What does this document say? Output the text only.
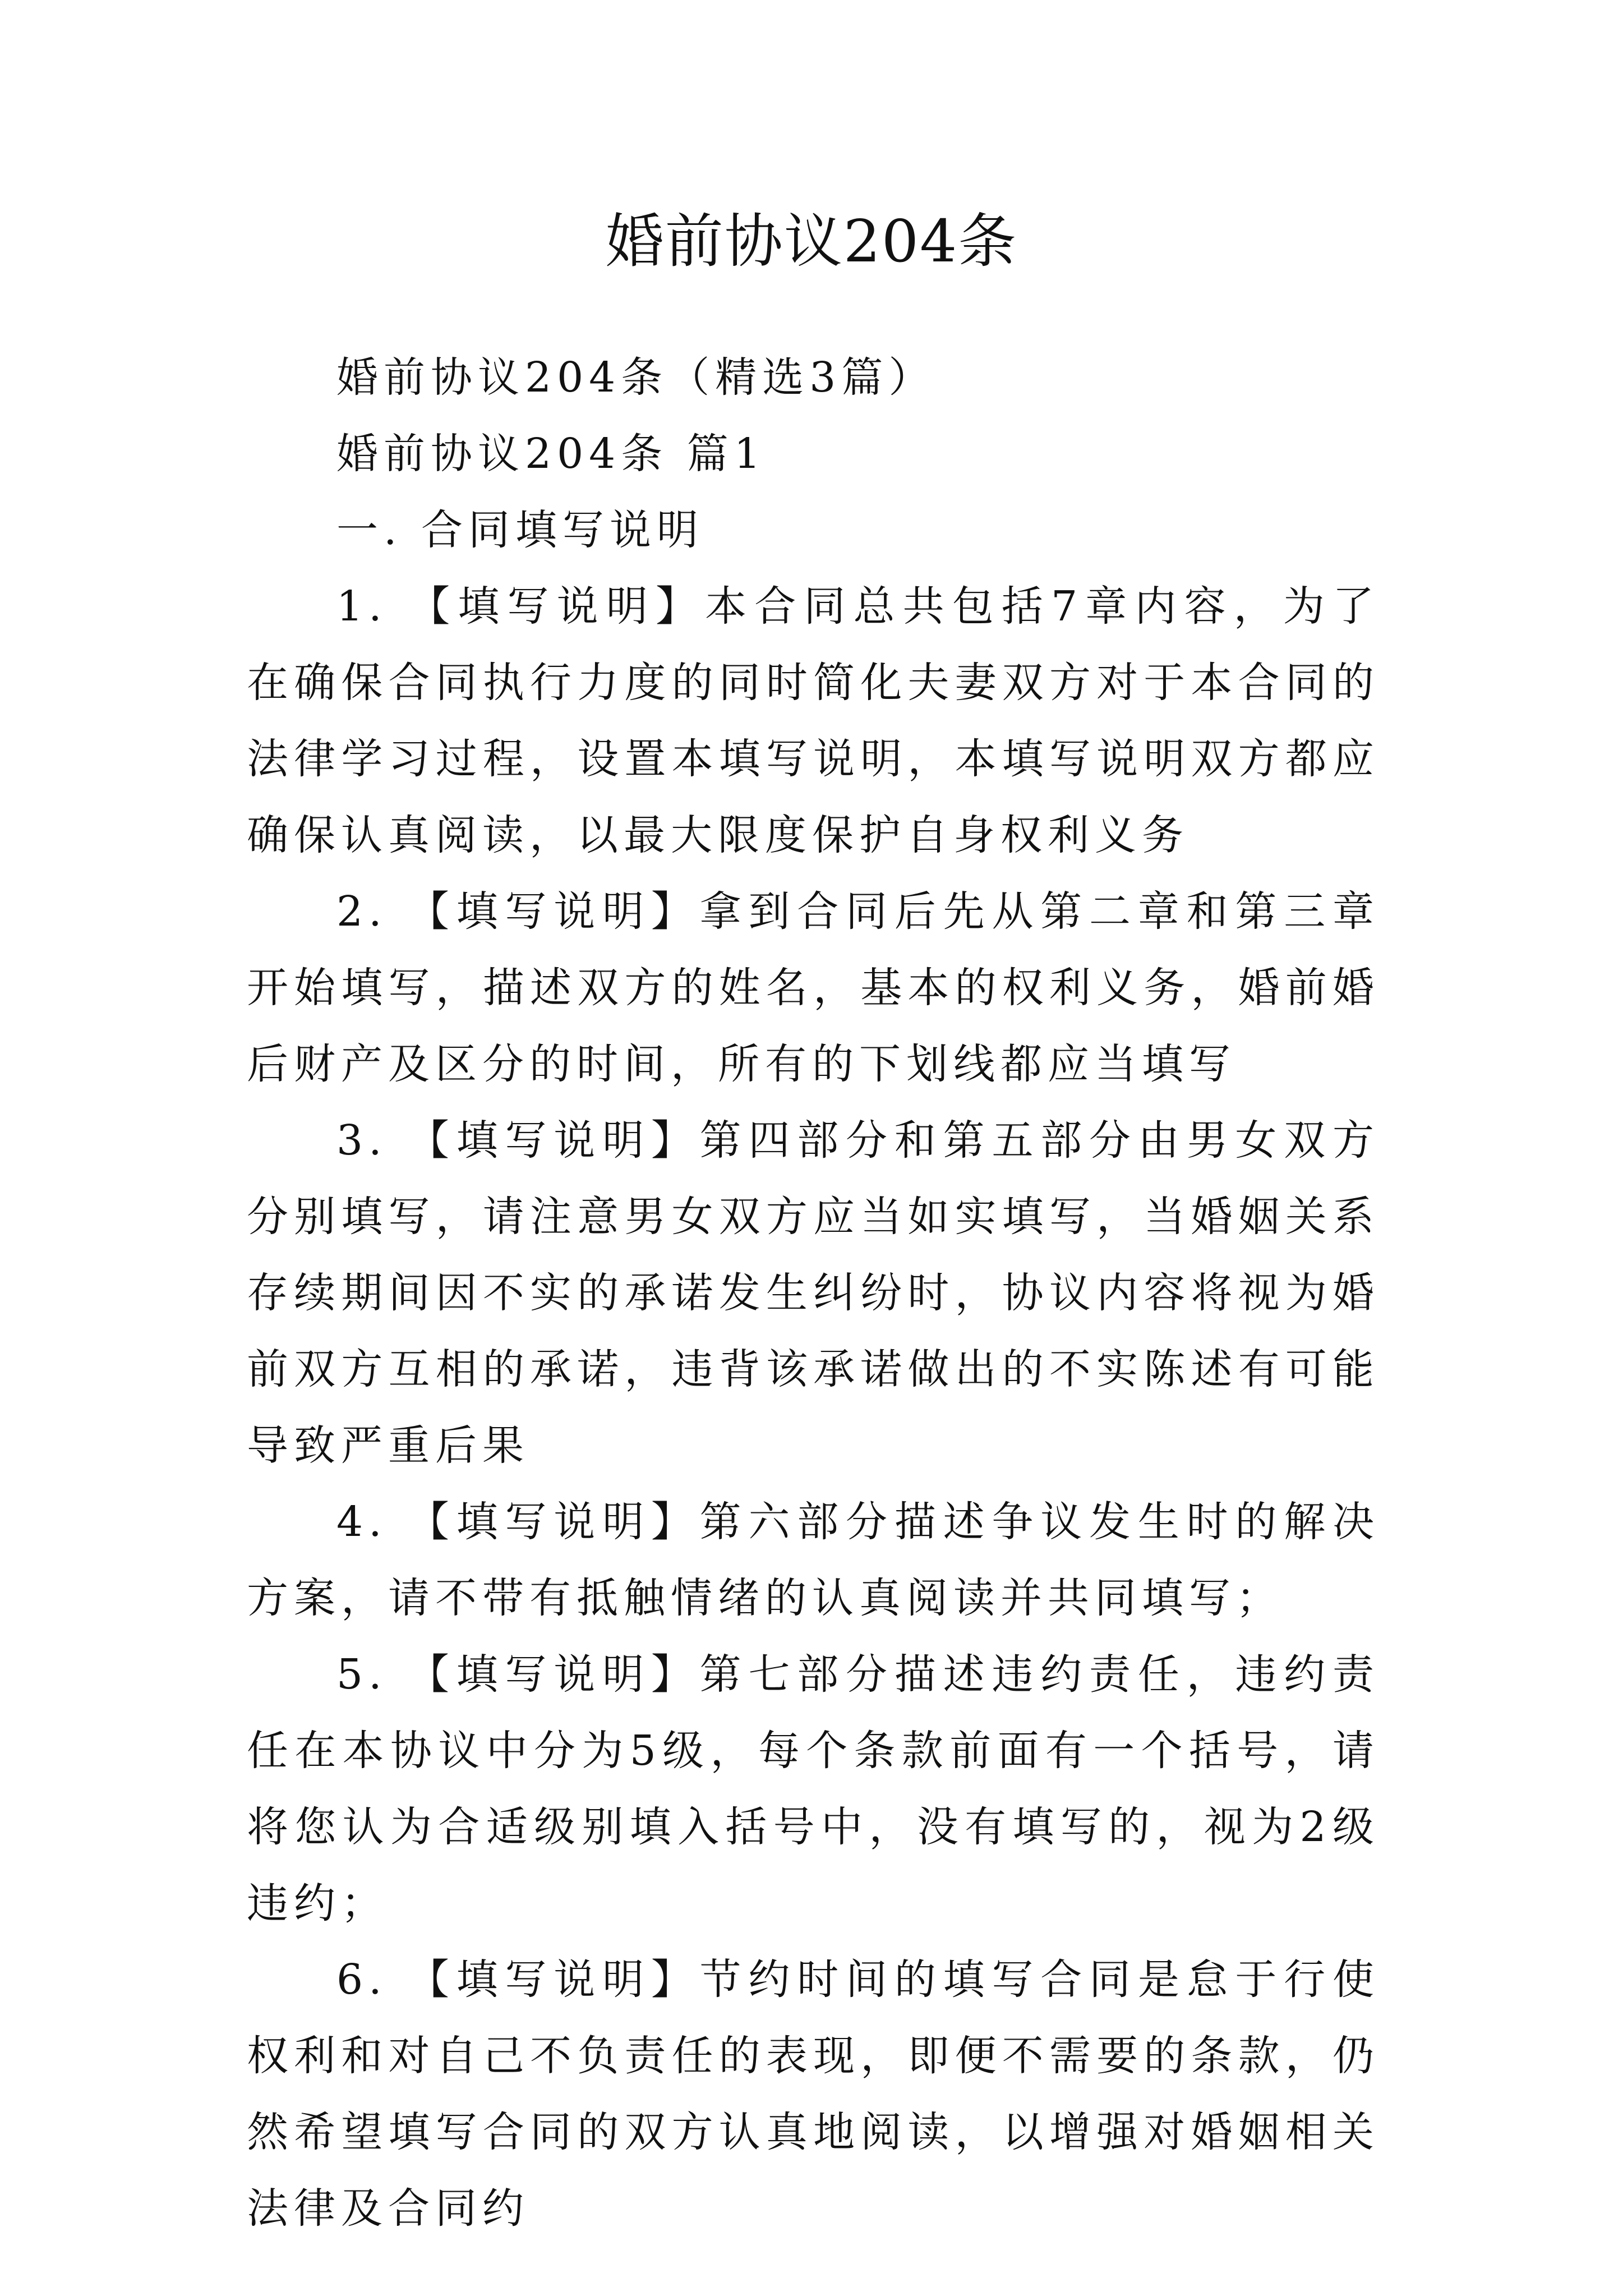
婚前协议204条

婚前协议204条（精选3篇）

婚前协议204条 篇1

一. 合同填写说明

1. 【填写说明】本合同总共包括7章内容，为了在确保合同执行力度的同时简化夫妻双方对于本合同的法律学习过程，设置本填写说明，本填写说明双方都应确保认真阅读，以最大限度保护自身权利义务

2. 【填写说明】拿到合同后先从第二章和第三章开始填写，描述双方的姓名，基本的权利义务，婚前婚后财产及区分的时间，所有的下划线都应当填写

3. 【填写说明】第四部分和第五部分由男女双方分别填写，请注意男女双方应当如实填写，当婚姻关系存续期间因不实的承诺发生纠纷时，协议内容将视为婚前双方互相的承诺，违背该承诺做出的不实陈述有可能导致严重后果

4. 【填写说明】第六部分描述争议发生时的解决方案，请不带有抵触情绪的认真阅读并共同填写；

5. 【填写说明】第七部分描述违约责任，违约责任在本协议中分为5级，每个条款前面有一个括号，请将您认为合适级别填入括号中，没有填写的，视为2级违约；

6. 【填写说明】节约时间的填写合同是怠于行使权利和对自己不负责任的表现，即便不需要的条款，仍然希望填写合同的双方认真地阅读，以增强对婚姻相关法律及合同约
